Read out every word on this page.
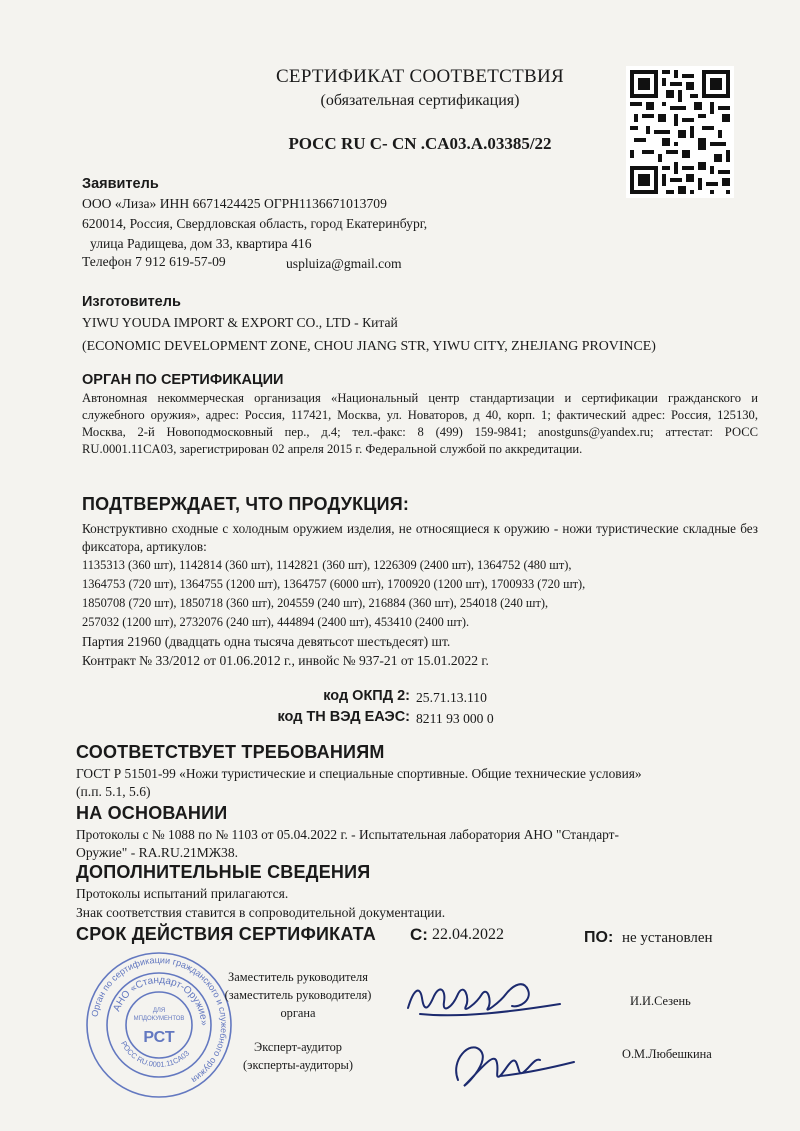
СЕРТИФИКАТ СООТВЕТСТВИЯ
(обязательная сертификация)
РОСС RU C- CN .CA03.A.03385/22
Заявитель
ООО «Лиза» ИНН 6671424425 ОГРН1136671013709
620014, Россия, Свердловская область, город Екатеринбург,
улица Радищева, дом 33, квартира 416
Телефон 7 912 619-57-09	uspluiza@gmail.com
Изготовитель
YIWU YOUDA IMPORT & EXPORT CO., LTD - Китай
(ECONOMIC DEVELOPMENT ZONE, CHOU JIANG STR, YIWU CITY, ZHEJIANG PROVINCE)
ОРГАН ПО СЕРТИФИКАЦИИ
Автономная некоммерческая организация «Национальный центр стандартизации и сертификации гражданского и служебного оружия», адрес: Россия, 117421, Москва, ул. Новаторов, д 40, корп. 1; фактический адрес: Россия, 125130, Москва, 2-й Новоподмосковный пер., д.4; тел.-факс: 8 (499) 159-9841; anostguns@yandex.ru; аттестат: РОСС RU.0001.11CA03, зарегистрирован 02 апреля 2015 г. Федеральной службой по аккредитации.
ПОДТВЕРЖДАЕТ, ЧТО ПРОДУКЦИЯ:
Конструктивно сходные с холодным оружием изделия, не относящиеся к оружию - ножи туристические складные без фиксатора, артикулов:
1135313 (360 шт), 1142814 (360 шт), 1142821 (360 шт), 1226309 (2400 шт), 1364752 (480 шт),
1364753 (720 шт), 1364755 (1200 шт), 1364757 (6000 шт), 1700920 (1200 шт), 1700933 (720 шт),
1850708 (720 шт), 1850718 (360 шт), 204559 (240 шт), 216884 (360 шт), 254018 (240 шт),
257032 (1200 шт), 2732076 (240 шт), 444894 (2400 шт), 453410 (2400 шт).
Партия 21960 (двадцать одна тысяча девятьсот шестьдесят) шт.
Контракт № 33/2012 от 01.06.2012 г., инвойс № 937-21 от 15.01.2022 г.
код ОКПД 2: 25.71.13.110
код ТН ВЭД ЕАЭС: 8211 93 000 0
СООТВЕТСТВУЕТ ТРЕБОВАНИЯМ
ГОСТ Р 51501-99 «Ножи туристические и специальные спортивные. Общие технические условия»
(п.п. 5.1, 5.6)
НА ОСНОВАНИИ
Протоколы с № 1088 по № 1103 от 05.04.2022 г. - Испытательная лаборатория АНО "Стандарт-
Оружие" - RA.RU.21МЖ38.
ДОПОЛНИТЕЛЬНЫЕ СВЕДЕНИЯ
Протоколы испытаний прилагаются.
Знак соответствия ставится в сопроводительной документации.
СРОК ДЕЙСТВИЯ СЕРТИФИКАТА С: 22.04.2022	ПО: не установлен
Орган по сертификации гражданского и служебного оружия
АНО «Стандарт-Оружие»
РОСС RU.0001.11СА03
ДЛЯ
МПДОКУМЕНТОВ
РСТ
Заместитель руководителя
(заместитель руководителя)
органа
И.И.Сезень
Эксперт-аудитор
(эксперты-аудиторы)
О.М.Любешкина
